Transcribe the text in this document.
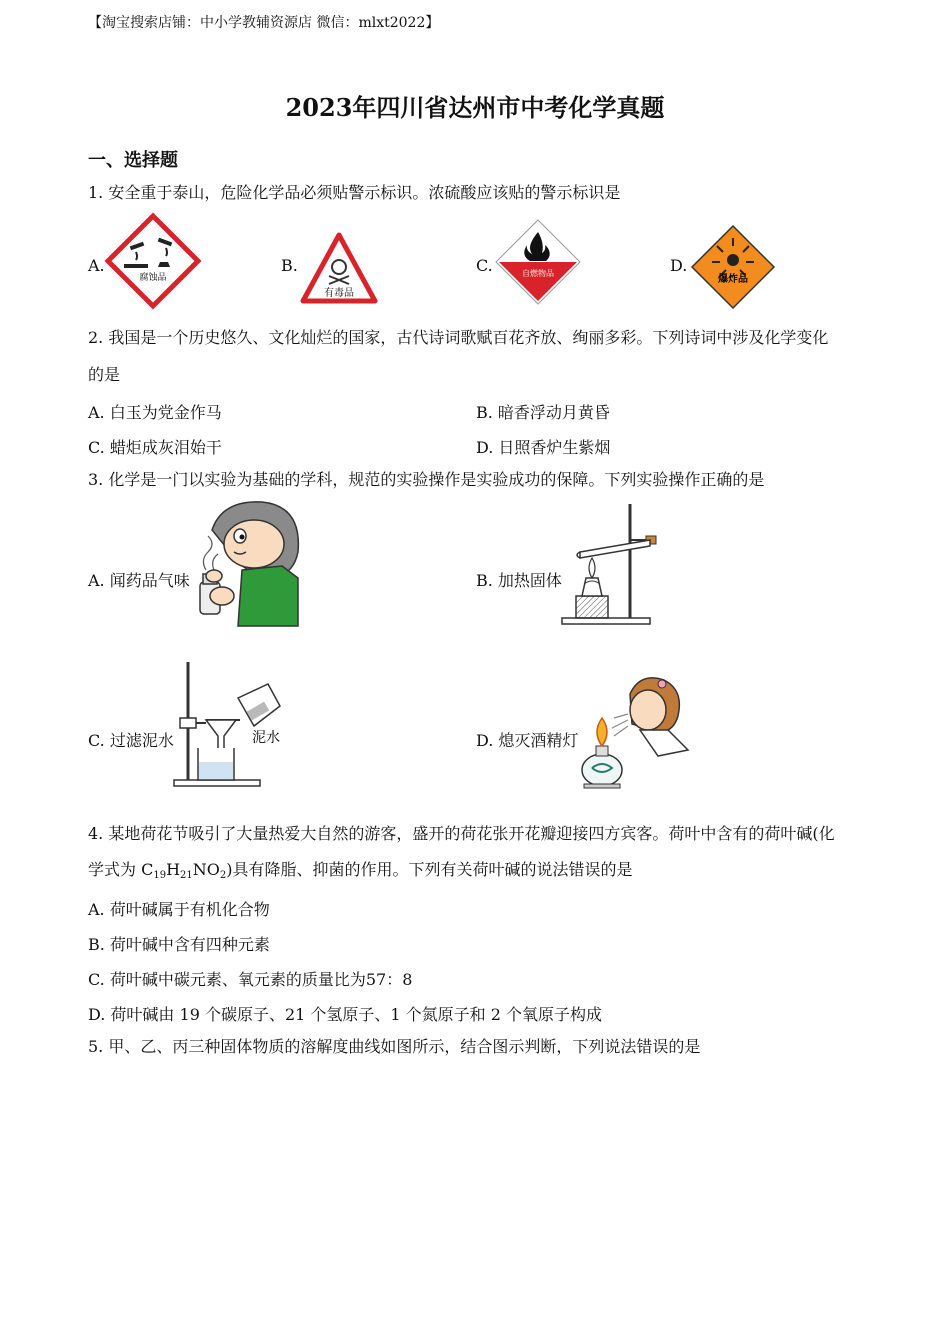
【淘宝搜索店铺：中小学教辅资源店 微信：mlxt2022】
2023年四川省达州市中考化学真题
一、选择题
1. 安全重于泰山，危险化学品必须贴警示标识。浓硫酸应该贴的警示标识是
A.	B.	C.	D.
腐蚀品
有毒品
自燃物品
爆炸品
2. 我国是一个历史悠久、文化灿烂的国家，古代诗词歌赋百花齐放、绚丽多彩。下列诗词中涉及化学变化
的是
A. 白玉为党金作马	B. 暗香浮动月黄昏
C. 蜡炬成灰泪始干	D. 日照香炉生紫烟
3. 化学是一门以实验为基础的学科，规范的实验操作是实验成功的保障。下列实验操作正确的是
A. 闻药品气味	B. 加热固体
C. 过滤泥水	D. 熄灭酒精灯
泥水
4. 某地荷花节吸引了大量热爱大自然的游客，盛开的荷花张开花瓣迎接四方宾客。荷叶中含有的荷叶碱(化
学式为 $C_{19}H_{21}NO_2$)具有降脂、抑菌的作用。下列有关荷叶碱的说法错误的是
A. 荷叶碱属于有机化合物
B. 荷叶碱中含有四种元素
C. 荷叶碱中碳元素、氧元素的质量比为57：8
D. 荷叶碱由 19 个碳原子、21 个氢原子、1 个氮原子和 2 个氧原子构成
5. 甲、乙、丙三种固体物质的溶解度曲线如图所示，结合图示判断，下列说法错误的是
